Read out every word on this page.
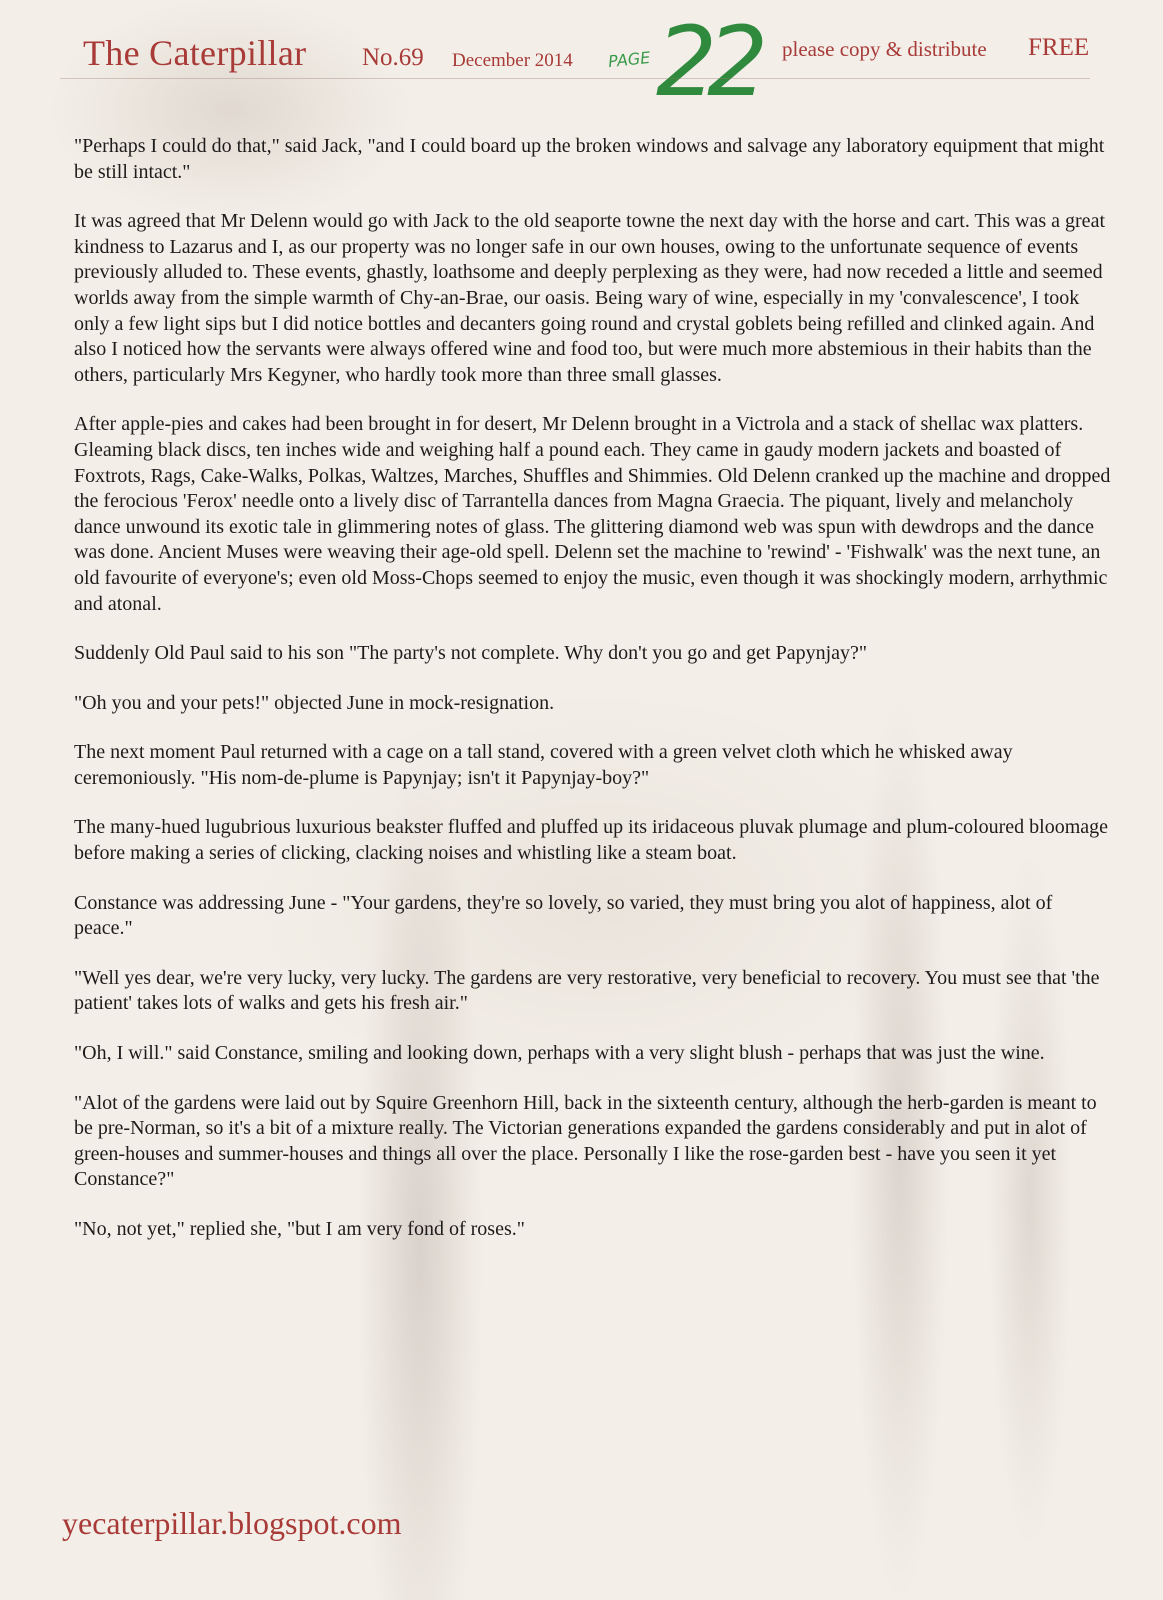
The Caterpillar No.69 December 2014 PAGE 22 please copy & distribute FREE

"Perhaps I could do that," said Jack, "and I could board up the broken windows and salvage any laboratory equipment that might be still intact."

It was agreed that Mr Delenn would go with Jack to the old seaporte towne the next day with the horse and cart. This was a great kindness to Lazarus and I, as our property was no longer safe in our own houses, owing to the unfortunate sequence of events previously alluded to. These events, ghastly, loathsome and deeply perplexing as they were, had now receded a little and seemed worlds away from the simple warmth of Chy-an-Brae, our oasis. Being wary of wine, especially in my 'convalescence', I took only a few light sips but I did notice bottles and decanters going round and crystal goblets being refilled and clinked again. And also I noticed how the servants were always offered wine and food too, but were much more abstemious in their habits than the others, particularly Mrs Kegyner, who hardly took more than three small glasses.

After apple-pies and cakes had been brought in for desert, Mr Delenn brought in a Victrola and a stack of shellac wax platters. Gleaming black discs, ten inches wide and weighing half a pound each. They came in gaudy modern jackets and boasted of Foxtrots, Rags, Cake-Walks, Polkas, Waltzes, Marches, Shuffles and Shimmies. Old Delenn cranked up the machine and dropped the ferocious 'Ferox' needle onto a lively disc of Tarrantella dances from Magna Graecia. The piquant, lively and melancholy dance unwound its exotic tale in glimmering notes of glass. The glittering diamond web was spun with dewdrops and the dance was done. Ancient Muses were weaving their age-old spell. Delenn set the machine to 'rewind' - 'Fishwalk' was the next tune, an old favourite of everyone's; even old Moss-Chops seemed to enjoy the music, even though it was shockingly modern, arrhythmic and atonal.

Suddenly Old Paul said to his son "The party's not complete. Why don't you go and get Papynjay?"

"Oh you and your pets!" objected June in mock-resignation.

The next moment Paul returned with a cage on a tall stand, covered with a green velvet cloth which he whisked away ceremoniously. "His nom-de-plume is Papynjay; isn't it Papynjay-boy?"

The many-hued lugubrious luxurious beakster fluffed and pluffed up its iridaceous pluvak plumage and plum-coloured bloomage before making a series of clicking, clacking noises and whistling like a steam boat.

Constance was addressing June - "Your gardens, they're so lovely, so varied, they must bring you alot of happiness, alot of peace."

"Well yes dear, we're very lucky, very lucky. The gardens are very restorative, very beneficial to recovery. You must see that 'the patient' takes lots of walks and gets his fresh air."

"Oh, I will." said Constance, smiling and looking down, perhaps with a very slight blush - perhaps that was just the wine.

"Alot of the gardens were laid out by Squire Greenhorn Hill, back in the sixteenth century, although the herb-garden is meant to be pre-Norman, so it's a bit of a mixture really. The Victorian generations expanded the gardens considerably and put in alot of green-houses and summer-houses and things all over the place. Personally I like the rose-garden best - have you seen it yet Constance?"

"No, not yet," replied she, "but I am very fond of roses."

yecaterpillar.blogspot.com
